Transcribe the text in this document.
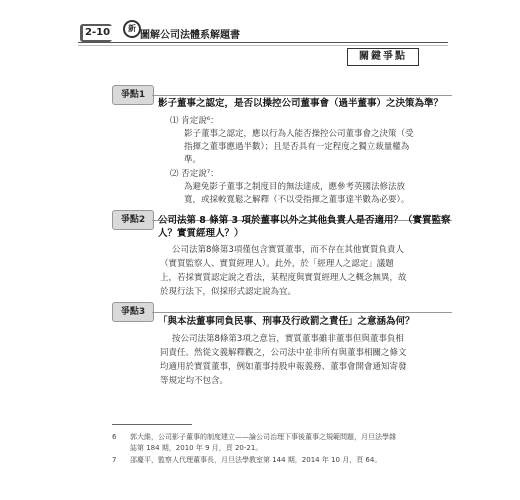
2-10	新
圖解公司法體系解題書
關鍵爭點
爭點1
影子董事之認定，是否以操控公司董事會（過半董事）之決策為準？
⑴ 肯定說⁶：
影子董事之認定，應以行為人能否操控公司董事會之決策（受
指揮之董事應過半數）；且是否具有一定程度之獨立裁量權為
準。
⑵ 否定說⁷：
為避免影子董事之制度目的無法達成，應參考英國法修法放
寬，或採較寬鬆之解釋（不以受指揮之董事達半數為必要）。
爭點2	公司法第 8 條第 3 項於董事以外之其他負責人是否適用？（實質監察
人？實質經理人？）
公司法第8條第3項僅包含實質董事，而不存在其他實質負責人
（實質監察人、實質經理人）。此外，於「經理人之認定」議題
上，若採實質認定說之看法，某程度與實質經理人之概念無異，故
於現行法下，似採形式認定說為宜。
爭點3
「與本法董事同負民事、刑事及行政罰之責任」之意涵為何？
按公司法第8條第3項之意旨，實質董事雖非董事但與董事負相
同責任。然從文義解釋觀之，公司法中並非所有與董事相關之條文
均適用於實質董事，例如董事持股申報義務、董事會開會通知寄發
等規定均不包含。
6 郭大維，公司影子董事的制度建立——論公司治理下事後董事之規範問題，月旦法學雜
誌第 184 期，2010 年 9 月，頁 20-21。
7 邵慶平，監察人代理董事長，月旦法學教室第 144 期，2014 年 10 月，頁 64。
